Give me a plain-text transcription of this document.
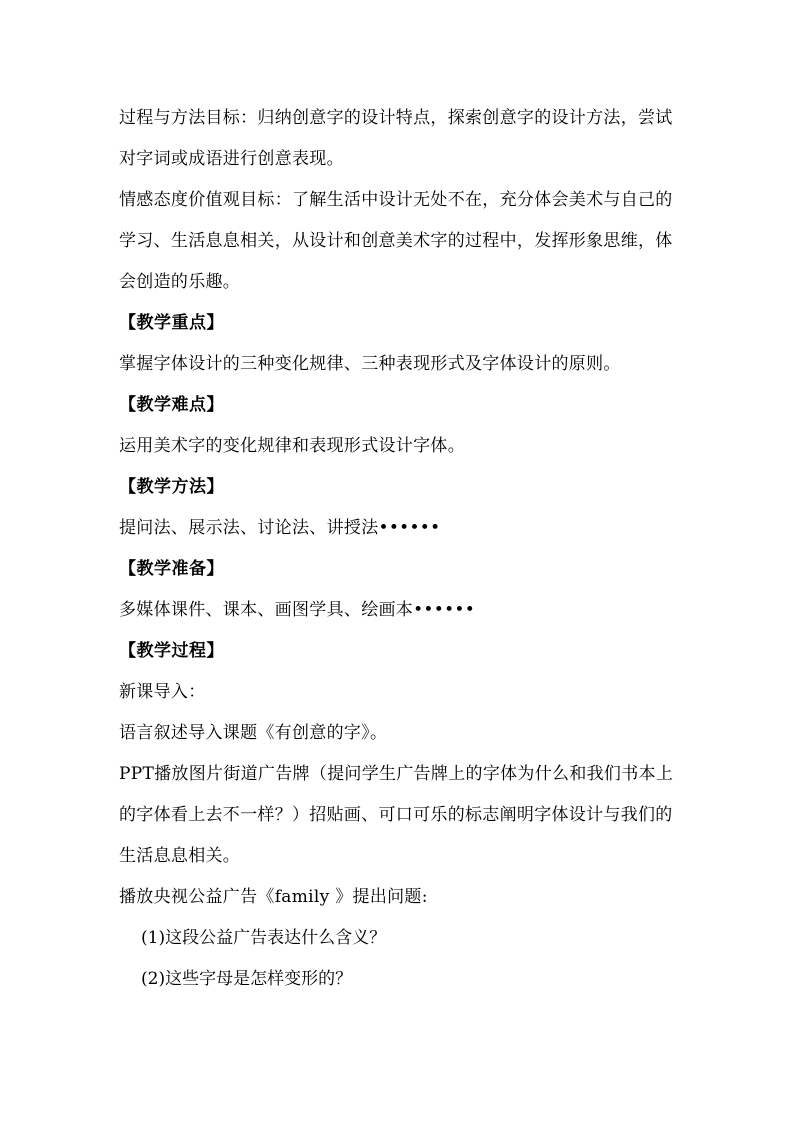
过程与方法目标：归纳创意字的设计特点，探索创意字的设计方法，尝试对字词或成语进行创意表现。

情感态度价值观目标：了解生活中设计无处不在，充分体会美术与自己的学习、生活息息相关，从设计和创意美术字的过程中，发挥形象思维，体会创造的乐趣。

【教学重点】

掌握字体设计的三种变化规律、三种表现形式及字体设计的原则。

【教学难点】

运用美术字的变化规律和表现形式设计字体。

【教学方法】

提问法、展示法、讨论法、讲授法••••••

【教学准备】

多媒体课件、课本、画图学具、绘画本••••••

【教学过程】

新课导入：

语言叙述导入课题《有创意的字》。

PPT播放图片街道广告牌（提问学生广告牌上的字体为什么和我们书本上的字体看上去不一样？）招贴画、可口可乐的标志阐明字体设计与我们的生活息息相关。

播放央视公益广告《family 》提出问题:

(1)这段公益广告表达什么含义？
(2)这些字母是怎样变形的？
